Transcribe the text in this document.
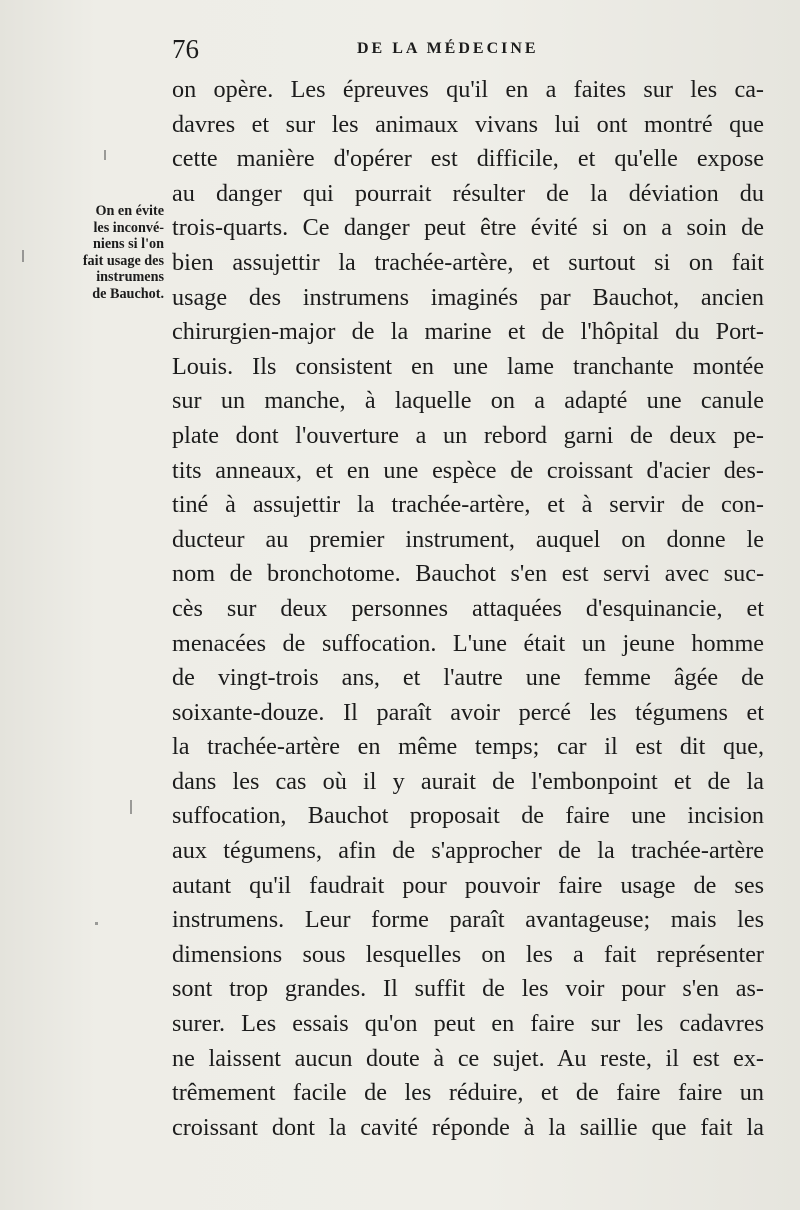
76	DE LA MÉDECINE
On en évite
les inconvé-
niens si l'on
fait usage des
instrumens
de Bauchot.
on opère. Les épreuves qu'il en a faites sur les ca-
davres et sur les animaux vivans lui ont montré que
cette manière d'opérer est difficile, et qu'elle expose
au danger qui pourrait résulter de la déviation du
trois-quarts. Ce danger peut être évité si on a soin de
bien assujettir la trachée-artère, et surtout si on fait
usage des instrumens imaginés par Bauchot, ancien
chirurgien-major de la marine et de l'hôpital du Port-
Louis. Ils consistent en une lame tranchante montée
sur un manche, à laquelle on a adapté une canule
plate dont l'ouverture a un rebord garni de deux pe-
tits anneaux, et en une espèce de croissant d'acier des-
tiné à assujettir la trachée-artère, et à servir de con-
ducteur au premier instrument, auquel on donne le
nom de bronchotome. Bauchot s'en est servi avec suc-
cès sur deux personnes attaquées d'esquinancie, et
menacées de suffocation. L'une était un jeune homme
de vingt-trois ans, et l'autre une femme âgée de
soixante-douze. Il paraît avoir percé les tégumens et
la trachée-artère en même temps; car il est dit que,
dans les cas où il y aurait de l'embonpoint et de la
suffocation, Bauchot proposait de faire une incision
aux tégumens, afin de s'approcher de la trachée-artère
autant qu'il faudrait pour pouvoir faire usage de ses
instrumens. Leur forme paraît avantageuse; mais les
dimensions sous lesquelles on les a fait représenter
sont trop grandes. Il suffit de les voir pour s'en as-
surer. Les essais qu'on peut en faire sur les cadavres
ne laissent aucun doute à ce sujet. Au reste, il est ex-
trêmement facile de les réduire, et de faire faire un
croissant dont la cavité réponde à la saillie que fait la
